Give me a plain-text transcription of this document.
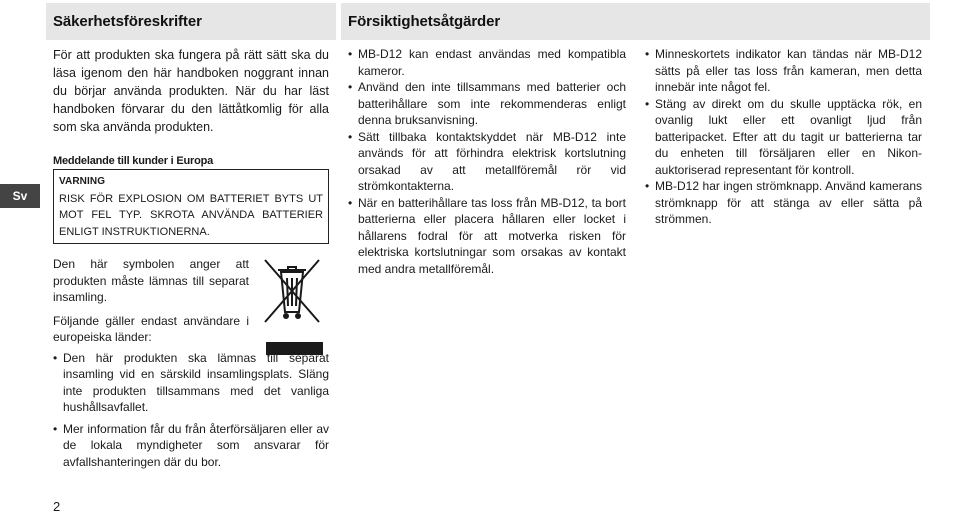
Säkerhetsföreskrifter	Försiktighetsåtgärder
Sv

För att produkten ska fungera på rätt sätt ska du läsa igenom den här handboken noggrant innan du börjar använda produkten. När du har läst handboken förvarar du den lättåtkomlig för alla som ska använda produkten.

Meddelande till kunder i Europa
VARNING
RISK FÖR EXPLOSION OM BATTERIET BYTS UT MOT FEL TYP. SKROTA ANVÄNDA BATTERIER ENLIGT INSTRUKTIONERNA.

Den här symbolen anger att produkten måste lämnas till separat insamling.

Följande gäller endast användare i europeiska länder:

• Den här produkten ska lämnas till separat insamling vid en särskild insamlingsplats. Släng inte produkten tillsammans med det vanliga hushållsavfallet.
• Mer information får du från återförsäljaren eller av de lokala myndigheter som ansvarar för avfallshanteringen där du bor.
• MB-D12 kan endast användas med kompatibla kameror.
• Använd den inte tillsammans med batterier och batterihållare som inte rekommenderas enligt denna bruksanvisning.
• Sätt tillbaka kontaktskyddet när MB-D12 inte används för att förhindra elektrisk kortslutning orsakad av att metallföremål rör vid strömkontakterna.
• När en batterihållare tas loss från MB-D12, ta bort batterierna eller placera hållaren eller locket i hållarens fodral för att motverka risken för elektriska kortslutningar som orsakas av kontakt med andra metallföremål.
• Minneskortets indikator kan tändas när MB-D12 sätts på eller tas loss från kameran, men detta innebär inte något fel.
• Stäng av direkt om du skulle upptäcka rök, en ovanlig lukt eller ett ovanligt ljud från batteripacket. Efter att du tagit ur batterierna tar du enheten till försäljaren eller en Nikon-auktoriserad representant för kontroll.
• MB-D12 har ingen strömknapp. Använd kamerans strömknapp för att stänga av eller sätta på strömmen.
2
